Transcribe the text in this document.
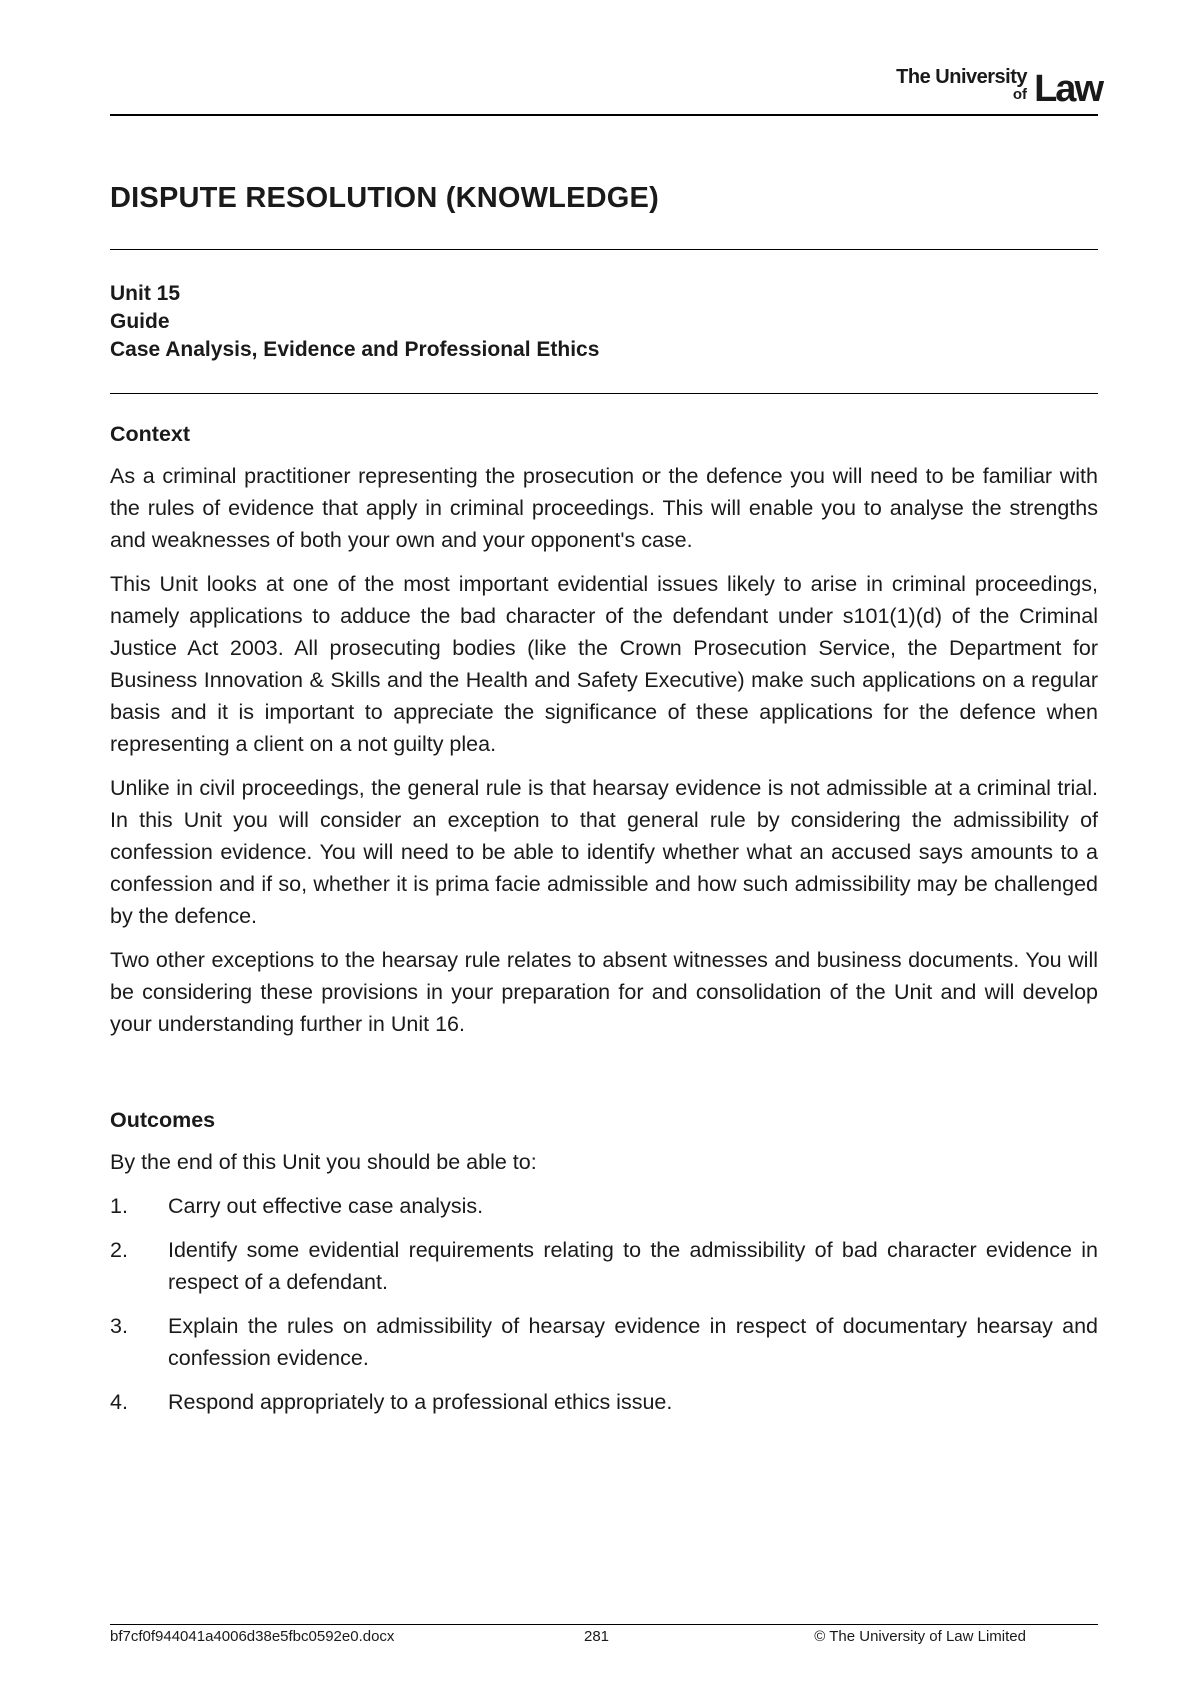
The University
of Law
DISPUTE RESOLUTION (KNOWLEDGE)
Unit 15
Guide
Case Analysis, Evidence and Professional Ethics
Context

As a criminal practitioner representing the prosecution or the defence you will need to be familiar with the rules of evidence that apply in criminal proceedings. This will enable you to analyse the strengths and weaknesses of both your own and your opponent's case.

This Unit looks at one of the most important evidential issues likely to arise in criminal proceedings, namely applications to adduce the bad character of the defendant under s101(1)(d) of the Criminal Justice Act 2003. All prosecuting bodies (like the Crown Prosecution Service, the Department for Business Innovation & Skills and the Health and Safety Executive) make such applications on a regular basis and it is important to appreciate the significance of these applications for the defence when representing a client on a not guilty plea.

Unlike in civil proceedings, the general rule is that hearsay evidence is not admissible at a criminal trial. In this Unit you will consider an exception to that general rule by considering the admissibility of confession evidence. You will need to be able to identify whether what an accused says amounts to a confession and if so, whether it is prima facie admissible and how such admissibility may be challenged by the defence.

Two other exceptions to the hearsay rule relates to absent witnesses and business documents. You will be considering these provisions in your preparation for and consolidation of the Unit and will develop your understanding further in Unit 16.

Outcomes

By the end of this Unit you should be able to:

1. Carry out effective case analysis.
2. Identify some evidential requirements relating to the admissibility of bad character evidence in respect of a defendant.
3. Explain the rules on admissibility of hearsay evidence in respect of documentary hearsay and confession evidence.
4. Respond appropriately to a professional ethics issue.
bf7cf0f944041a4006d38e5fbc0592e0.docx	281	© The University of Law Limited
